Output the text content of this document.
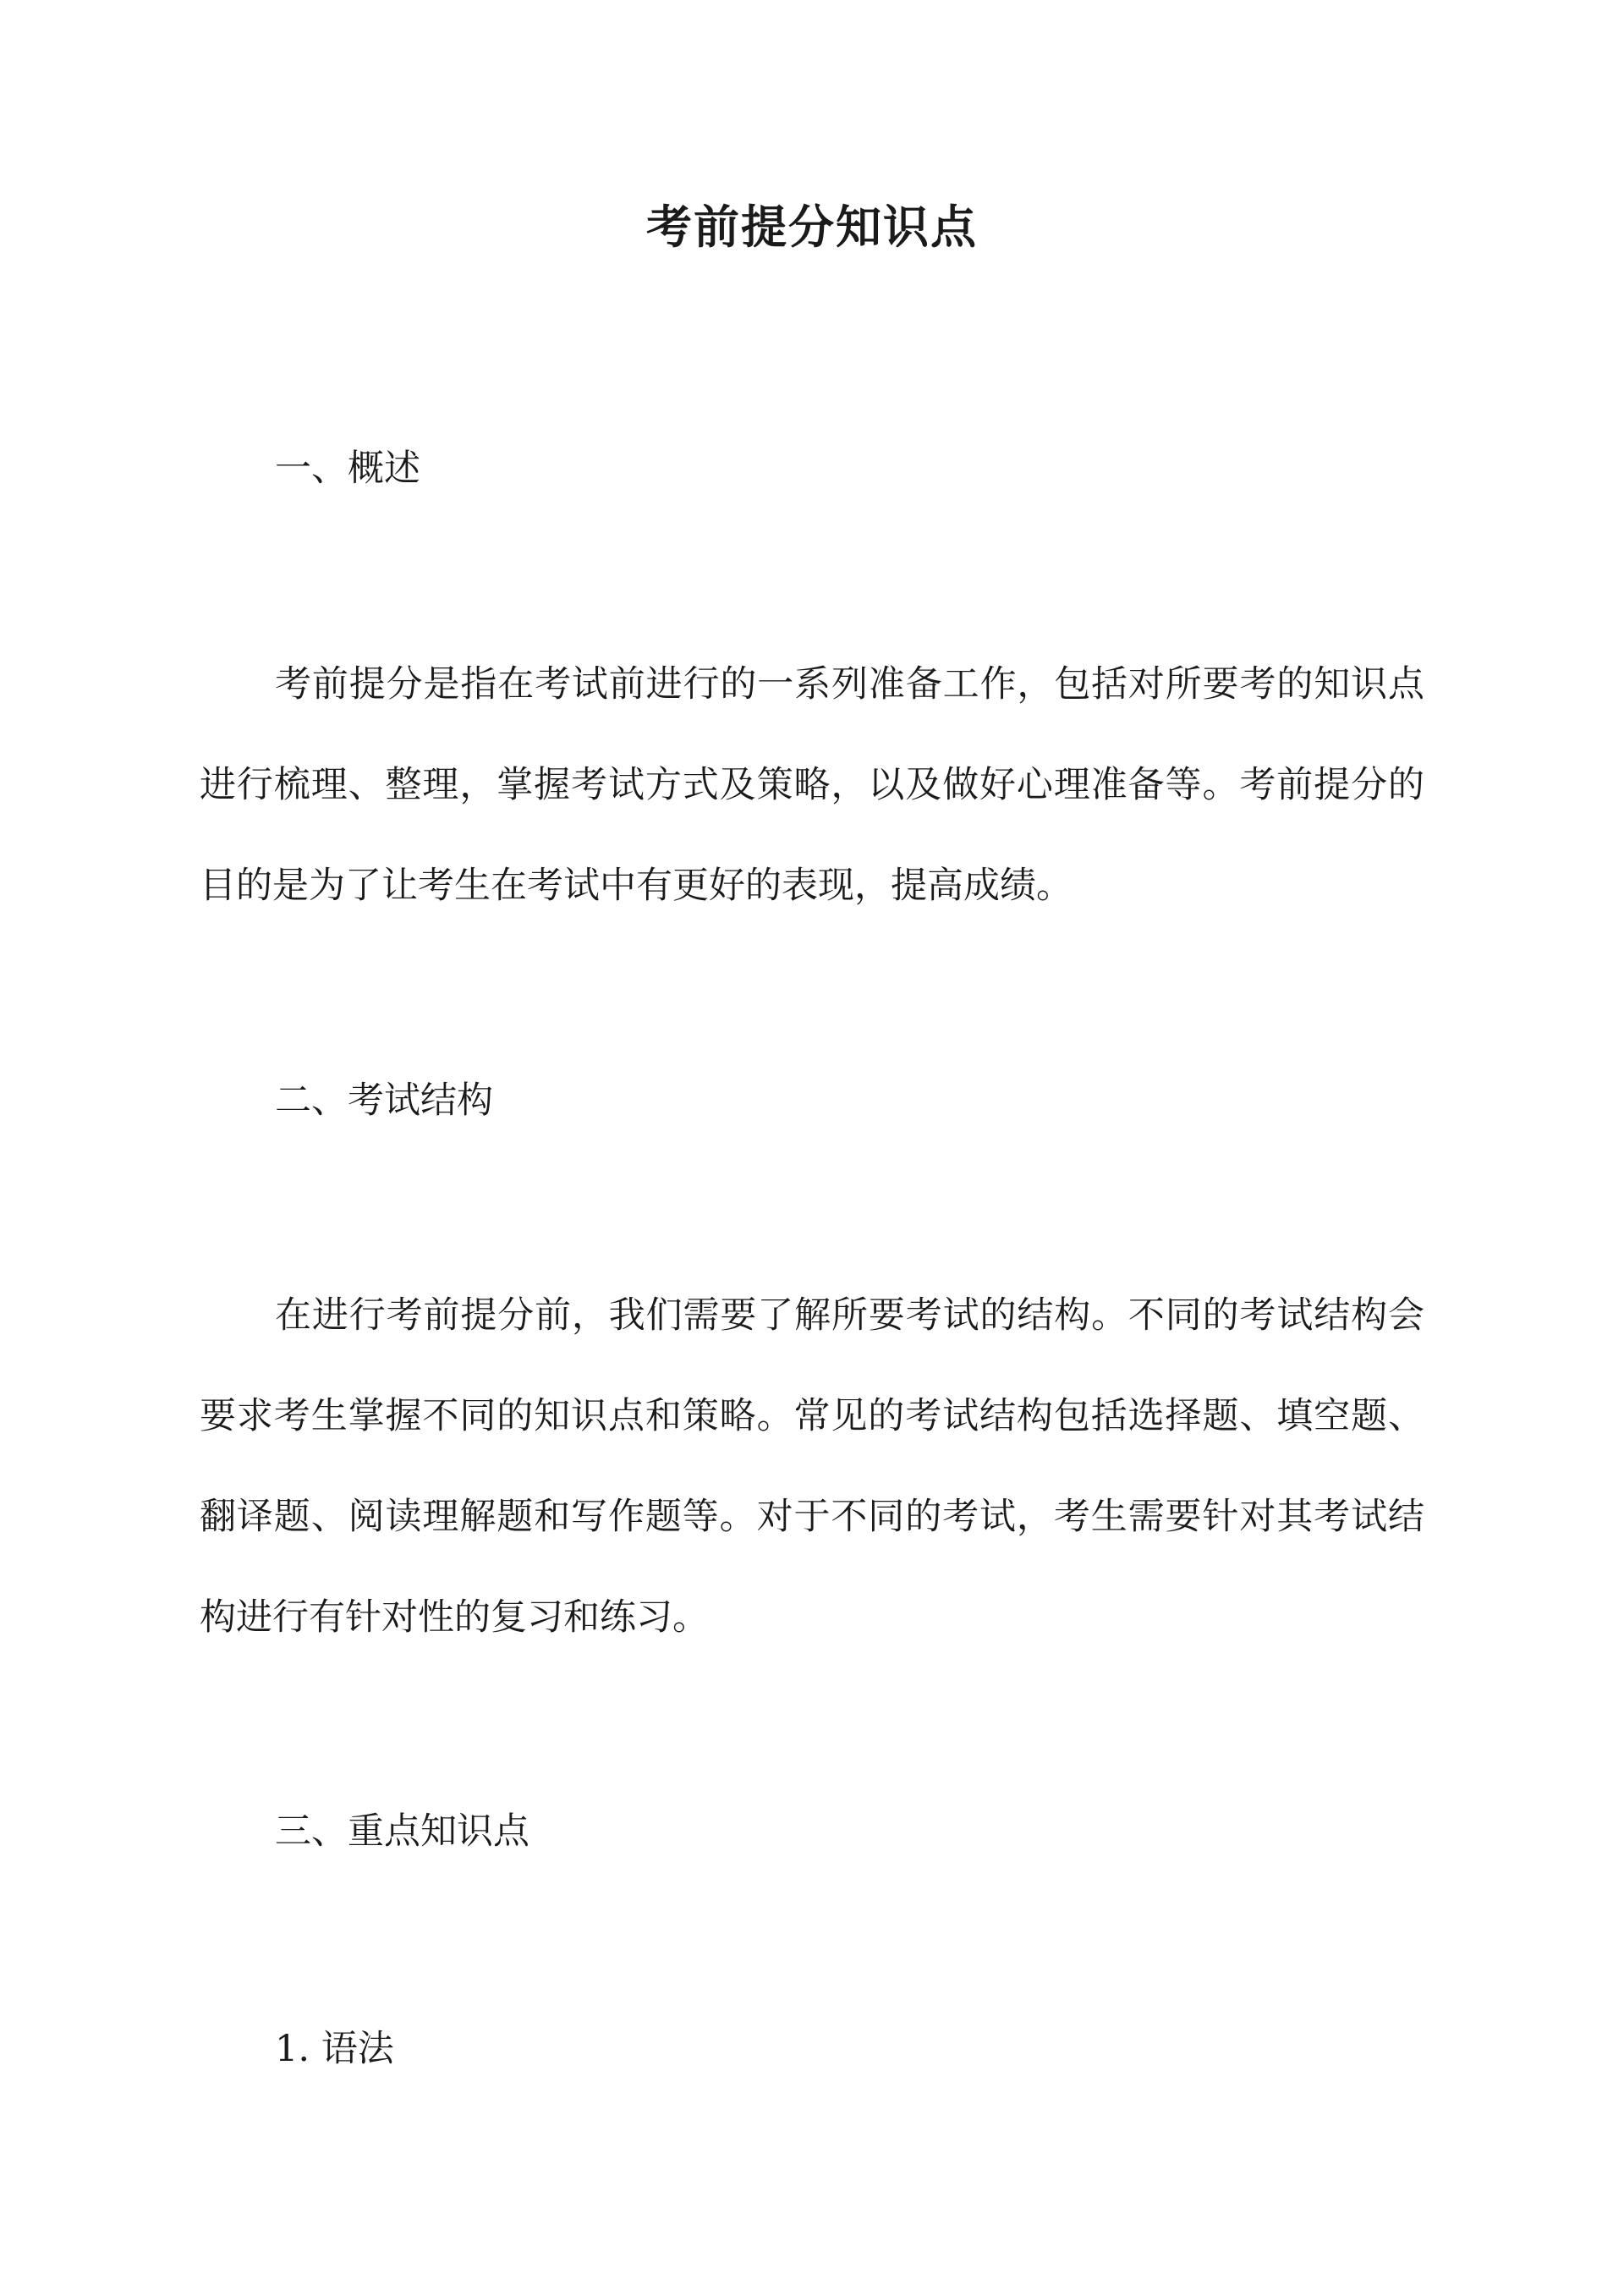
考前提分知识点
一、概述

考前提分是指在考试前进行的一系列准备工作，包括对所要考的知识点进行梳理、整理，掌握考试方式及策略，以及做好心理准备等。考前提分的目的是为了让考生在考试中有更好的表现，提高成绩。

二、考试结构

在进行考前提分前，我们需要了解所要考试的结构。不同的考试结构会要求考生掌握不同的知识点和策略。常见的考试结构包括选择题、填空题、翻译题、阅读理解题和写作题等。对于不同的考试，考生需要针对其考试结构进行有针对性的复习和练习。

三、重点知识点
1. 语法
